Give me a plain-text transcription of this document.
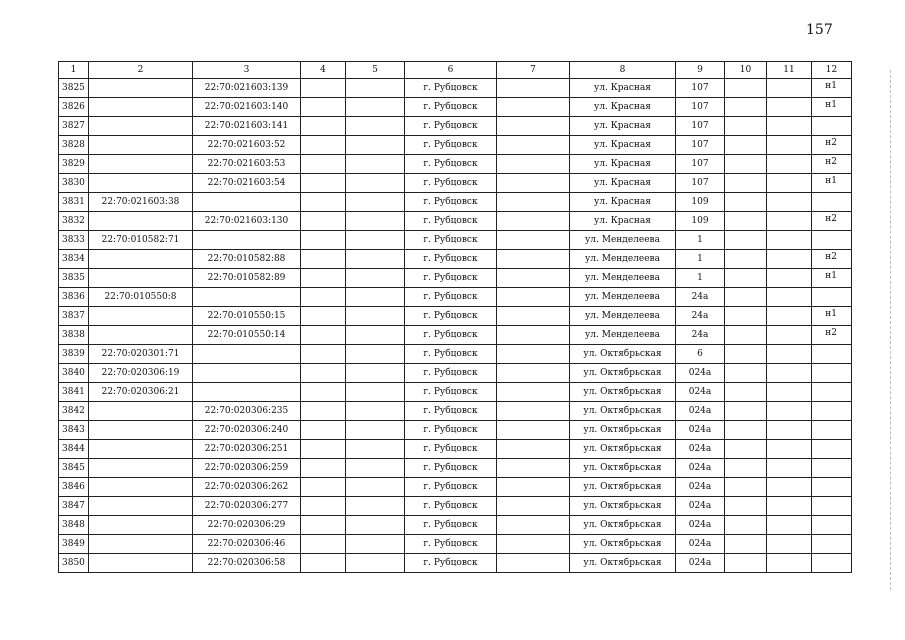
157
1	2	3	4	5	6	7	8	9	10	11	12
3825		22:70:021603:139			г. Рубцовск		ул. Красная	107			н1
3826		22:70:021603:140			г. Рубцовск		ул. Красная	107			н1
3827		22:70:021603:141			г. Рубцовск		ул. Красная	107			
3828		22:70:021603:52			г. Рубцовск		ул. Красная	107			н2
3829		22:70:021603:53			г. Рубцовск		ул. Красная	107			н2
3830		22:70:021603:54			г. Рубцовск		ул. Красная	107			н1
3831	22:70:021603:38				г. Рубцовск		ул. Красная	109			
3832		22:70:021603:130			г. Рубцовск		ул. Красная	109			н2
3833	22:70:010582:71				г. Рубцовск		ул. Менделеева	1			
3834		22:70:010582:88			г. Рубцовск		ул. Менделеева	1			н2
3835		22:70:010582:89			г. Рубцовск		ул. Менделеева	1			н1
3836	22:70:010550:8				г. Рубцовск		ул. Менделеева	24а			
3837		22:70:010550:15			г. Рубцовск		ул. Менделеева	24а			н1
3838		22:70:010550:14			г. Рубцовск		ул. Менделеева	24а			н2
3839	22:70:020301:71				г. Рубцовск		ул. Октябрьская	6			
3840	22:70:020306:19				г. Рубцовск		ул. Октябрьская	024а			
3841	22:70:020306:21				г. Рубцовск		ул. Октябрьская	024а			
3842		22:70:020306:235			г. Рубцовск		ул. Октябрьская	024а			
3843		22:70:020306:240			г. Рубцовск		ул. Октябрьская	024а			
3844		22:70:020306:251			г. Рубцовск		ул. Октябрьская	024а			
3845		22:70:020306:259			г. Рубцовск		ул. Октябрьская	024а			
3846		22:70:020306:262			г. Рубцовск		ул. Октябрьская	024а			
3847		22:70:020306:277			г. Рубцовск		ул. Октябрьская	024а			
3848		22:70:020306:29			г. Рубцовск		ул. Октябрьская	024а			
3849		22:70:020306:46			г. Рубцовск		ул. Октябрьская	024а			
3850		22:70:020306:58			г. Рубцовск		ул. Октябрьская	024а			
